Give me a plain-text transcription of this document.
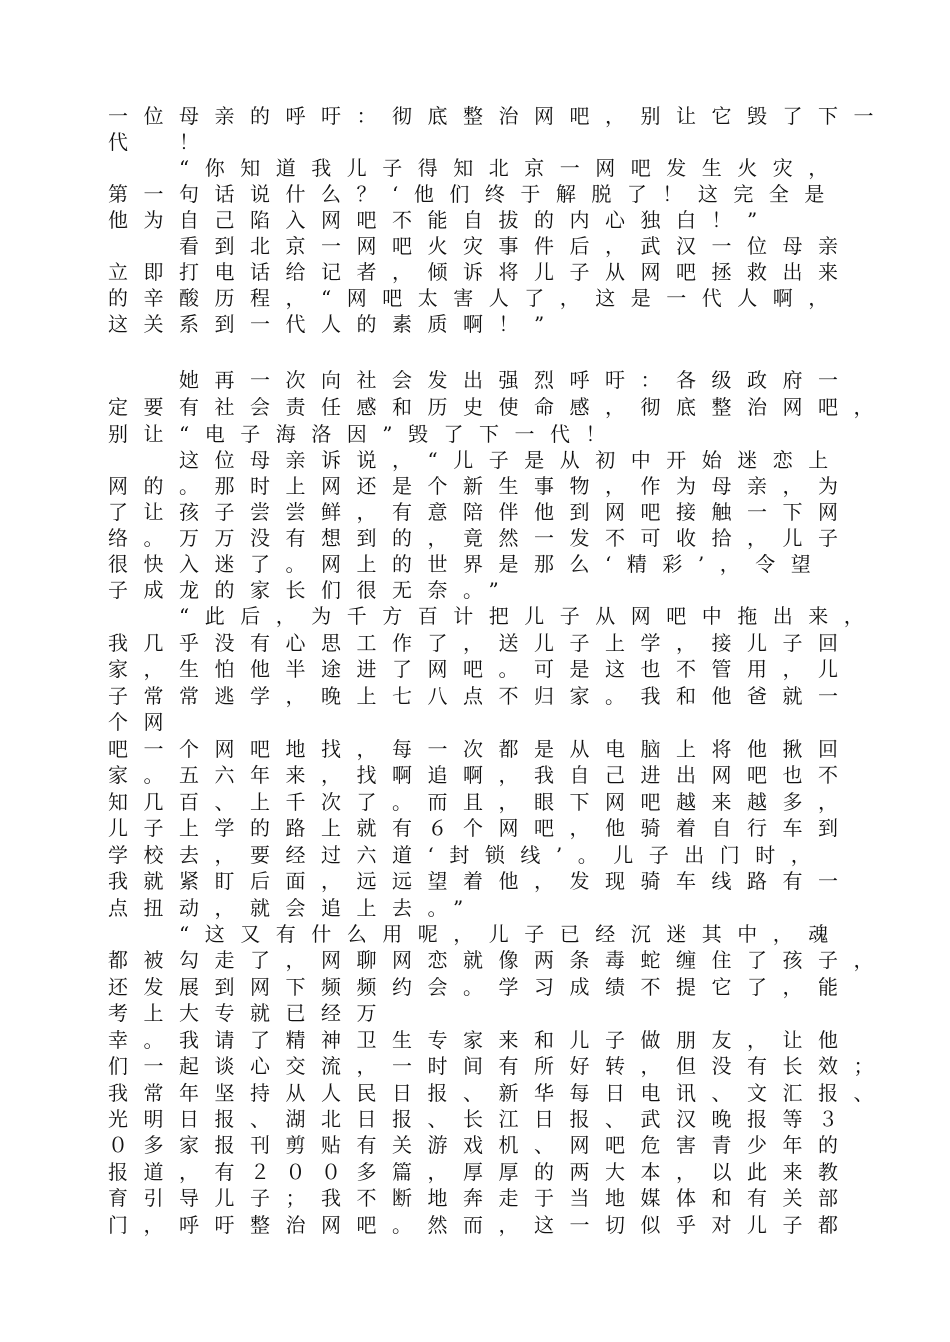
一位母亲的呼吁：彻底整治网吧，别让它毁了下一
代　！
　　“你知道我儿子得知北京一网吧发生火灾，
第一句话说什么？‘他们终于解脱了！这完全是
他为自己陷入网吧不能自拔的内心独白！”
　　看到北京一网吧火灾事件后，武汉一位母亲
立即打电话给记者，倾诉将儿子从网吧拯救出来
的辛酸历程，“网吧太害人了，这是一代人啊，
这关系到一代人的素质啊！”
　　她再一次向社会发出强烈呼吁：各级政府一
定要有社会责任感和历史使命感，彻底整治网吧，
别让“电子海洛因”毁了下一代！
　　这位母亲诉说，“儿子是从初中开始迷恋上
网的。那时上网还是个新生事物，作为母亲，为
了让孩子尝尝鲜，有意陪伴他到网吧接触一下网
络。万万没有想到的，竟然一发不可收拾，儿子
很快入迷了。网上的世界是那么‘精彩’，令望
子成龙的家长们很无奈。”
　　“此后，为千方百计把儿子从网吧中拖出来，
我几乎没有心思工作了，送儿子上学，接儿子回
家，生怕他半途进了网吧。可是这也不管用，儿
子常常逃学，晚上七八点不归家。我和他爸就一
个网
吧一个网吧地找，每一次都是从电脑上将他揪回
家。五六年来，找啊追啊，我自己进出网吧也不
知几百、上千次了。而且，眼下网吧越来越多，
儿子上学的路上就有６个网吧，他骑着自行车到
学校去，要经过六道‘封锁线’。儿子出门时，
我就紧盯后面，远远望着他，发现骑车线路有一
点扭动，就会追上去。”
　　“这又有什么用呢，儿子已经沉迷其中，魂
都被勾走了，网聊网恋就像两条毒蛇缠住了孩子，
还发展到网下频频约会。学习成绩不提它了，能
考上大专就已经万
幸。我请了精神卫生专家来和儿子做朋友，让他
们一起谈心交流，一时间有所好转，但没有长效；
我常年坚持从人民日报、新华每日电讯、文汇报、
光明日报、湖北日报、长江日报、武汉晚报等３
０多家报刊剪贴有关游戏机、网吧危害青少年的
报道，有２００多篇，厚厚的两大本，以此来教
育引导儿子；我不断地奔走于当地媒体和有关部
门，呼吁整治网吧。然而，这一切似乎对儿子都
